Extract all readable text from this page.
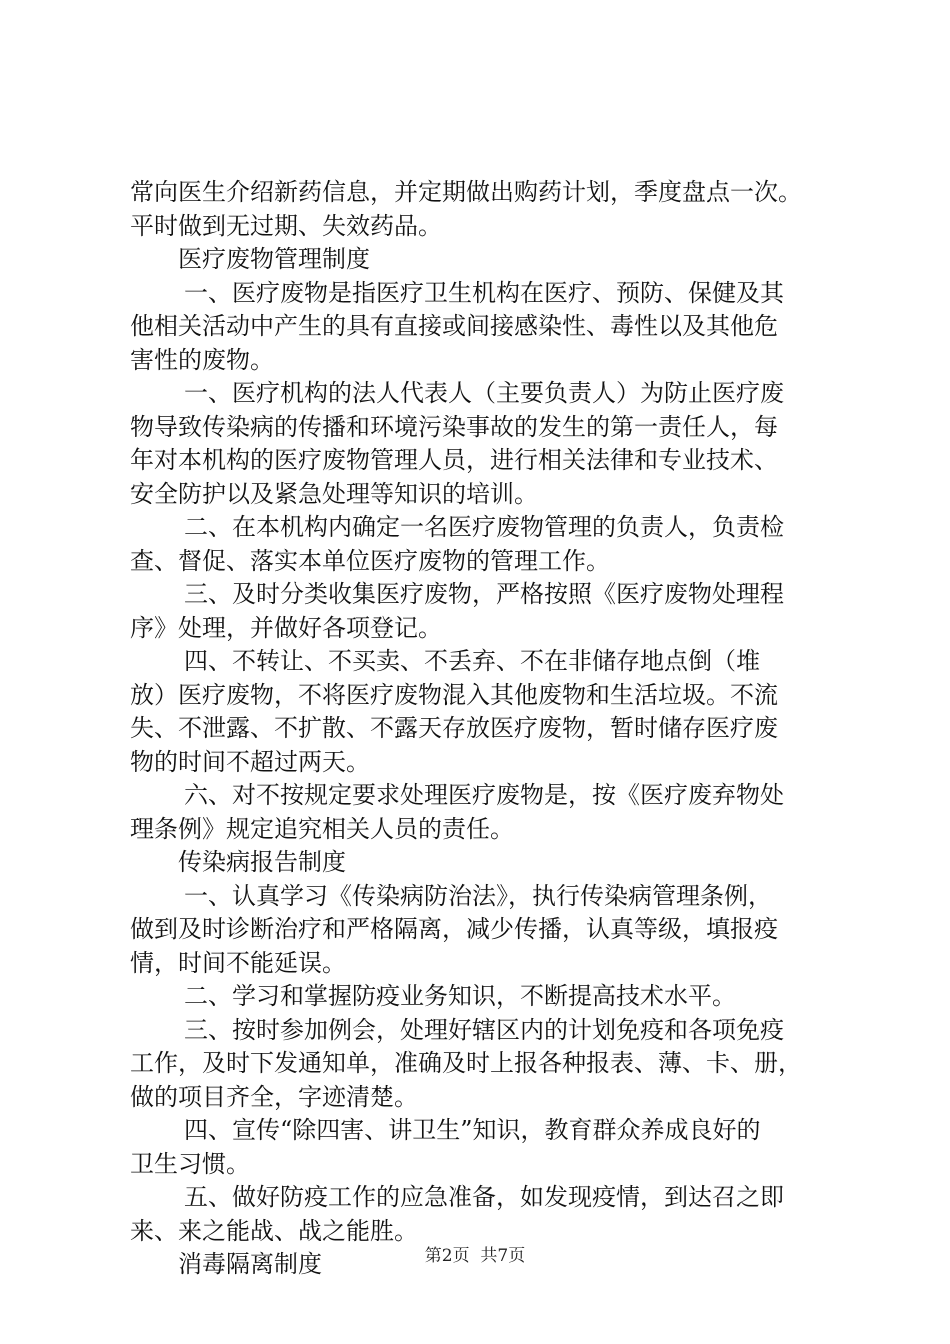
常向医生介绍新药信息，并定期做出购药计划，季度盘点一次。
平时做到无过期、失效药品。
医疗废物管理制度
一、医疗废物是指医疗卫生机构在医疗、预防、保健及其
他相关活动中产生的具有直接或间接感染性、毒性以及其他危
害性的废物。
一、医疗机构的法人代表人（主要负责人）为防止医疗废
物导致传染病的传播和环境污染事故的发生的第一责任人，每
年对本机构的医疗废物管理人员，进行相关法律和专业技术、
安全防护以及紧急处理等知识的培训。
二、在本机构内确定一名医疗废物管理的负责人，负责检
查、督促、落实本单位医疗废物的管理工作。
三、及时分类收集医疗废物，严格按照《医疗废物处理程
序》处理，并做好各项登记。
四、不转让、不买卖、不丢弃、不在非储存地点倒（堆
放）医疗废物，不将医疗废物混入其他废物和生活垃圾。不流
失、不泄露、不扩散、不露天存放医疗废物，暂时储存医疗废
物的时间不超过两天。
六、对不按规定要求处理医疗废物是，按《医疗废弃物处
理条例》规定追究相关人员的责任。
传染病报告制度
一、认真学习《传染病防治法》，执行传染病管理条例，
做到及时诊断治疗和严格隔离，减少传播，认真等级，填报疫
情，时间不能延误。
二、学习和掌握防疫业务知识，不断提高技术水平。
三、按时参加例会，处理好辖区内的计划免疫和各项免疫
工作，及时下发通知单，准确及时上报各种报表、薄、卡、册，
做的项目齐全，字迹清楚。
四、宣传“除四害、讲卫生”知识，教育群众养成良好的
卫生习惯。
五、做好防疫工作的应急准备，如发现疫情，到达召之即
来、来之能战、战之能胜。
消毒隔离制度	第2页 共7页
